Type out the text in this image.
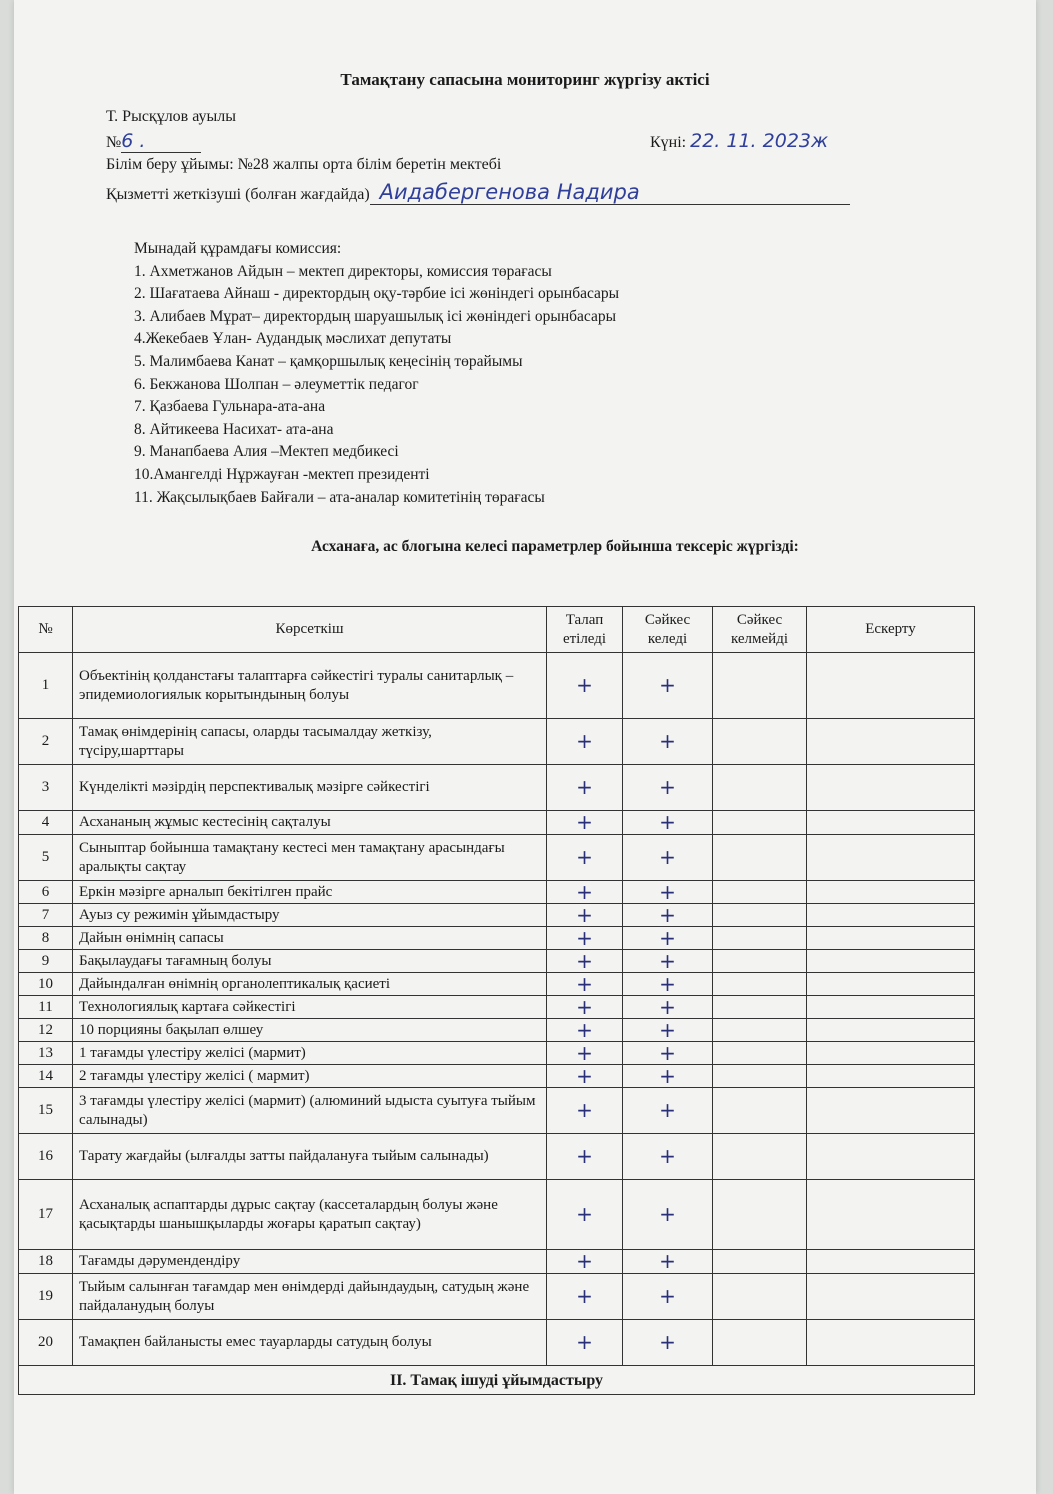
Тамақтану сапасына мониторинг жүргізу актісі
Т. Рысқұлов ауылы
№6 .	Күні: 22. 11. 2023ж
Білім беру ұйымы: №28 жалпы орта білім беретін мектебі
Қызметті жеткізуші (болған жағдайда) Аидабергенова Надира
Мынадай құрамдағы комиссия:
1. Ахметжанов Айдын – мектеп директоры, комиссия төрағасы
2. Шағатаева Айнаш - директордың оқу-тәрбие ісі жөніндегі орынбасары
3. Алибаев Мұрат– директордың шаруашылық ісі жөніндегі орынбасары
4.Жекебаев Ұлан- Аудандық мәслихат депутаты
5. Малимбаева Канат – қамқоршылық кеңесінің төрайымы
6. Бекжанова Шолпан – әлеуметтік педагог
7. Қазбаева Гульнара-ата-ана
8. Айтикеева Насихат- ата-ана
9. Манапбаева Алия –Мектеп медбикесі
10.Амангелді Нұржауған -мектеп президенті
11. Жақсылықбаев Байғали – ата-аналар комитетінің төрағасы
Асханаға, ас блогына келесі параметрлер бойынша тексеріс жүргізді:
№	Көрсеткіш	Талап етіледі	Сәйкес келеді	Сәйкес келмейді	Ескерту
1	Объектінің қолданстағы талаптарға сәйкестігі туралы санитарлық – эпидемиологиялык корытындының болуы	+	+		
2	Тамақ өнімдерінің сапасы, оларды тасымалдау жеткізу, түсіру,шарттары	+	+		
3	Күнделікті мәзірдің перспективалық мәзірге сәйкестігі	+	+		
4	Асхананың жұмыс кестесінің сақталуы	+	+		
5	Сыныптар бойынша тамақтану кестесі мен тамақтану арасындағы аралықты сақтау	+	+		
6	Еркін мәзірге арналып бекітілген прайс	+	+		
7	Ауыз су режимін ұйымдастыру	+	+		
8	Дайын өнімнің сапасы	+	+		
9	Бақылаудағы тағамның болуы	+	+		
10	Дайындалған өнімнің органолептикалық қасиеті	+	+		
11	Технологиялық картаға сәйкестігі	+	+		
12	10 порцияны бақылап өлшеу	+	+		
13	1 тағамды үлестіру желісі (мармит)	+	+		
14	2 тағамды үлестіру желісі ( мармит)	+	+		
15	3 тағамды үлестіру желісі (мармит) (алюминий ыдыста суытуға тыйым салынады)	+	+		
16	Тарату жағдайы (ылғалды затты пайдалануға тыйым салынады)	+	+		
17	Асханалық аспаптарды дұрыс сақтау (кассеталардың болуы және қасықтарды шанышқыларды жоғары қаратып сақтау)	+	+		
18	Тағамды дәрумендендіру	+	+		
19	Тыйым салынған тағамдар мен өнімдерді дайындаудың, сатудың және пайдаланудың болуы	+	+		
20	Тамақпен байланысты емес тауарларды сатудың болуы	+	+		
II. Тамақ ішуді ұйымдастыру					
